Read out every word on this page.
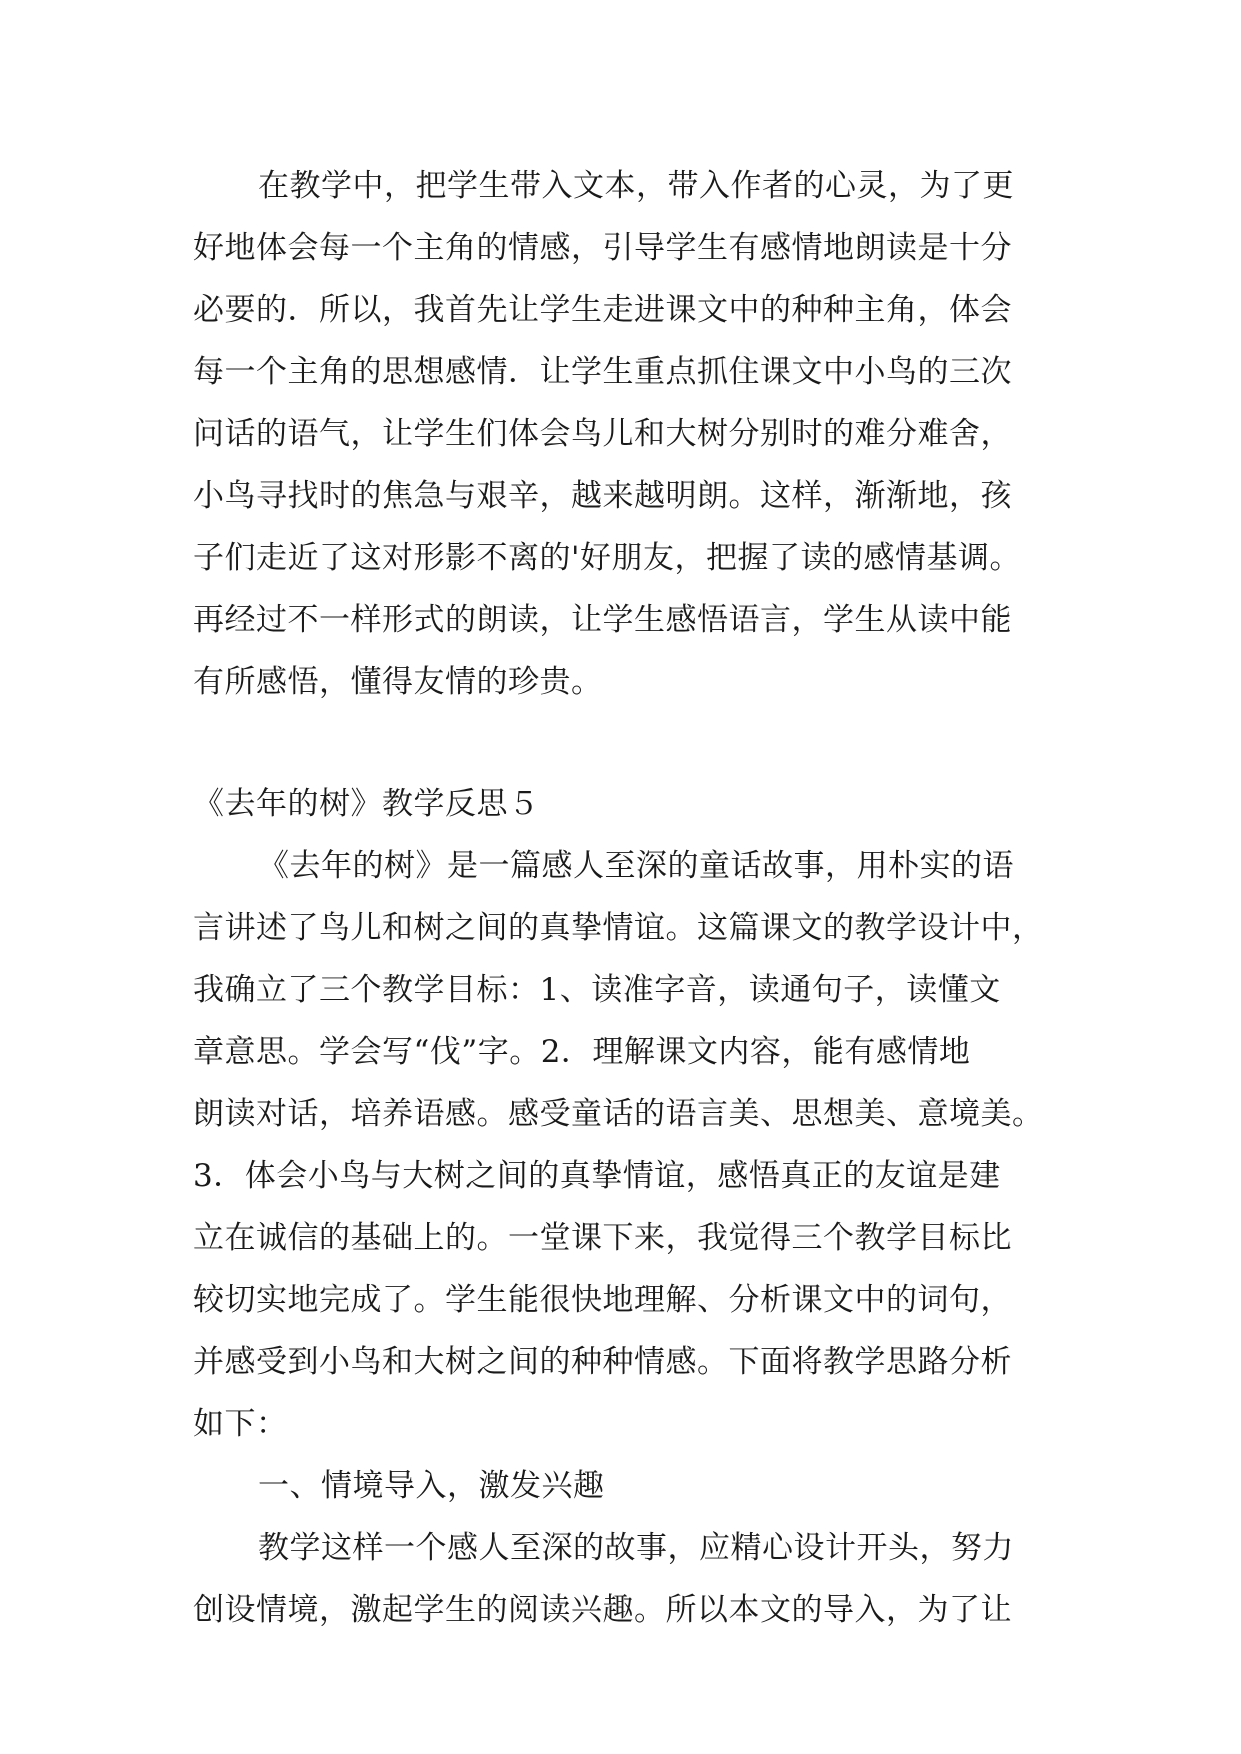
在教学中，把学生带入文本，带入作者的心灵，为了更
好地体会每一个主角的情感，引导学生有感情地朗读是十分
必要的．所以，我首先让学生走进课文中的种种主角，体会
每一个主角的思想感情．让学生重点抓住课文中小鸟的三次
问话的语气，让学生们体会鸟儿和大树分别时的难分难舍，
小鸟寻找时的焦急与艰辛，越来越明朗。这样，渐渐地，孩
子们走近了这对形影不离的'好朋友，把握了读的感情基调。
再经过不一样形式的朗读，让学生感悟语言，学生从读中能
有所感悟，懂得友情的珍贵。
《去年的树》教学反思５
《去年的树》是一篇感人至深的童话故事，用朴实的语
言讲述了鸟儿和树之间的真挚情谊。这篇课文的教学设计中，
我确立了三个教学目标：1、读准字音，读通句子，读懂文
章意思。学会写“伐”字。2．理解课文内容，能有感情地
朗读对话，培养语感。感受童话的语言美、思想美、意境美。
3．体会小鸟与大树之间的真挚情谊，感悟真正的友谊是建
立在诚信的基础上的。一堂课下来，我觉得三个教学目标比
较切实地完成了。学生能很快地理解、分析课文中的词句，
并感受到小鸟和大树之间的种种情感。下面将教学思路分析
如下：
一、情境导入，激发兴趣
教学这样一个感人至深的故事，应精心设计开头，努力
创设情境，激起学生的阅读兴趣。所以本文的导入，为了让
